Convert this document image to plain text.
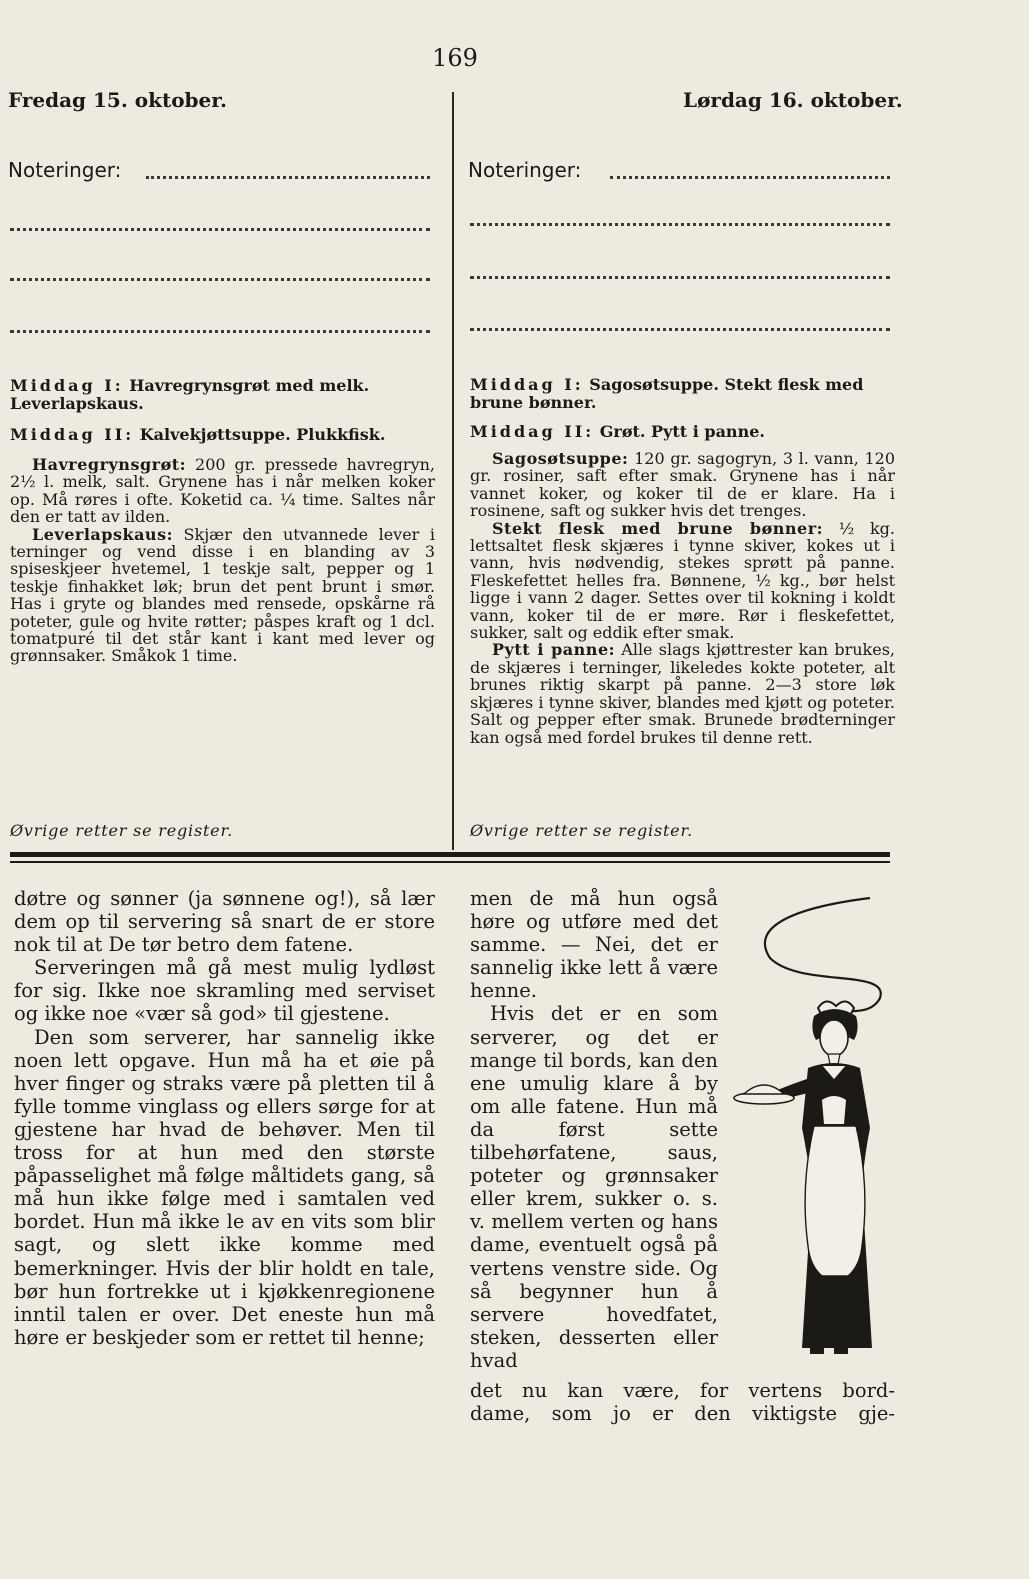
169
Fredag 15. oktober.
Noteringer:
Middag I: Havregrynsgrøt med melk. Leverlapskaus.
Middag II: Kalvekjøttsuppe. Plukkfisk.

Havregrynsgrøt: 200 gr. pressede havregryn, 2½ l. melk, salt. Grynene has i når melken koker op. Må røres i ofte. Koketid ca. ¼ time. Saltes når den er tatt av ilden.

Leverlapskaus: Skjær den utvannede lever i terninger og vend disse i en blanding av 3 spiseskjeer hvetemel, 1 teskje salt, pepper og 1 teskje finhakket løk; brun det pent brunt i smør. Has i gryte og blandes med rensede, opskårne rå poteter, gule og hvite røtter; påspes kraft og 1 dcl. tomatpuré til det står kant i kant med lever og grønnsaker. Småkok 1 time.

Øvrige retter se register.
Lørdag 16. oktober.
Noteringer:
Middag I: Sagosøtsuppe. Stekt flesk med brune bønner.
Middag II: Grøt. Pytt i panne.

Sagosøtsuppe: 120 gr. sagogryn, 3 l. vann, 120 gr. rosiner, saft efter smak. Grynene has i når vannet koker, og koker til de er klare. Ha i rosinene, saft og sukker hvis det trenges.

Stekt flesk med brune bønner: ½ kg. lettsaltet flesk skjæres i tynne skiver, kokes ut i vann, hvis nødvendig, stekes sprøtt på panne. Fleskefettet helles fra. Bønnene, ½ kg., bør helst ligge i vann 2 dager. Settes over til kokning i koldt vann, koker til de er møre. Rør i fleskefettet, sukker, salt og eddik efter smak.

Pytt i panne: Alle slags kjøttrester kan brukes, de skjæres i terninger, likeledes kokte poteter, alt brunes riktig skarpt på panne. 2—3 store løk skjæres i tynne skiver, blandes med kjøtt og poteter. Salt og pepper efter smak. Brunede brødterninger kan også med fordel brukes til denne rett.

Øvrige retter se register.

døtre og sønner (ja sønnene og!), så lær dem op til servering så snart de er store nok til at De tør betro dem fatene.

Serveringen må gå mest mulig lydløst for sig. Ikke noe skramling med serviset og ikke noe «vær så god» til gjestene.

Den som serverer, har sannelig ikke noen lett opgave. Hun må ha et øie på hver finger og straks være på pletten til å fylle tomme vinglass og ellers sørge for at gjestene har hvad de behøver. Men til tross for at hun med den største påpasselighet må følge måltidets gang, så må hun ikke følge med i samtalen ved bordet. Hun må ikke le av en vits som blir sagt, og slett ikke komme med bemerkninger. Hvis der blir holdt en tale, bør hun fortrekke ut i kjøkkenregionene inntil talen er over. Det eneste hun må høre er beskjeder som er rettet til henne;

men de må hun også høre og utføre med det samme. — Nei, det er sannelig ikke lett å være henne.

Hvis det er en som serverer, og det er mange til bords, kan den ene umulig klare å by om alle fatene. Hun må da først sette tilbehørfatene, saus, poteter og grønnsaker eller krem, sukker o. s. v. mellem verten og hans dame, eventuelt også på vertens venstre side. Og så begynner hun å servere hovedfatet, steken, desserten eller hvad

det nu kan være, for vertens bord-
dame, som jo er den viktigste gje-
